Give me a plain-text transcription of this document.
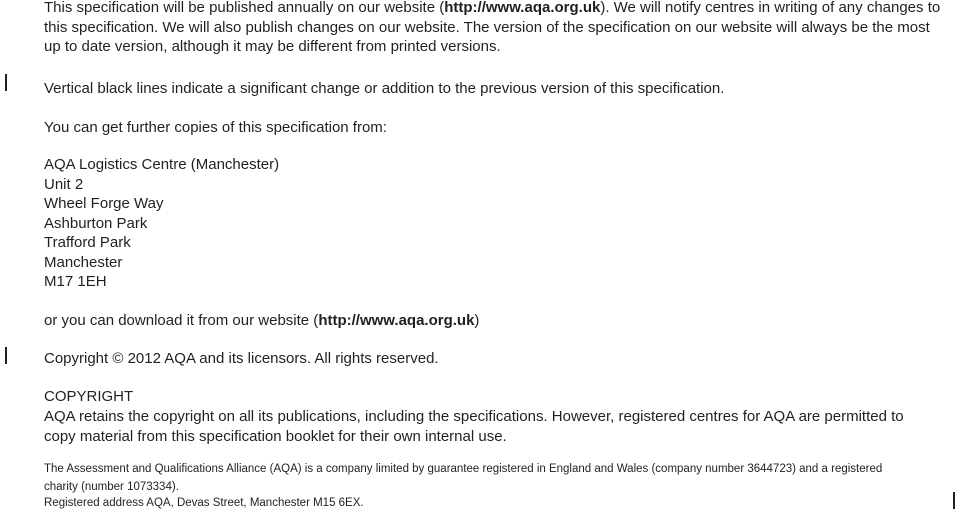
This specification will be published annually on our website (http://www.aqa.org.uk). We will notify centres in writing of any changes to this specification. We will also publish changes on our website. The version of the specification on our website will always be the most up to date version, although it may be different from printed versions.

Vertical black lines indicate a significant change or addition to the previous version of this specification.

You can get further copies of this specification from:

AQA Logistics Centre (Manchester)

Unit 2

Wheel Forge Way

Ashburton Park

Trafford Park

Manchester

M17 1EH

or you can download it from our website (http://www.aqa.org.uk)

Copyright © 2012 AQA and its licensors. All rights reserved.

COPYRIGHT

AQA retains the copyright on all its publications, including the specifications. However, registered centres for AQA are permitted to copy material from this specification booklet for their own internal use.

The Assessment and Qualifications Alliance (AQA) is a company limited by guarantee registered in England and Wales (company number 3644723) and a registered charity (number 1073334).

Registered address AQA, Devas Street, Manchester M15 6EX.
